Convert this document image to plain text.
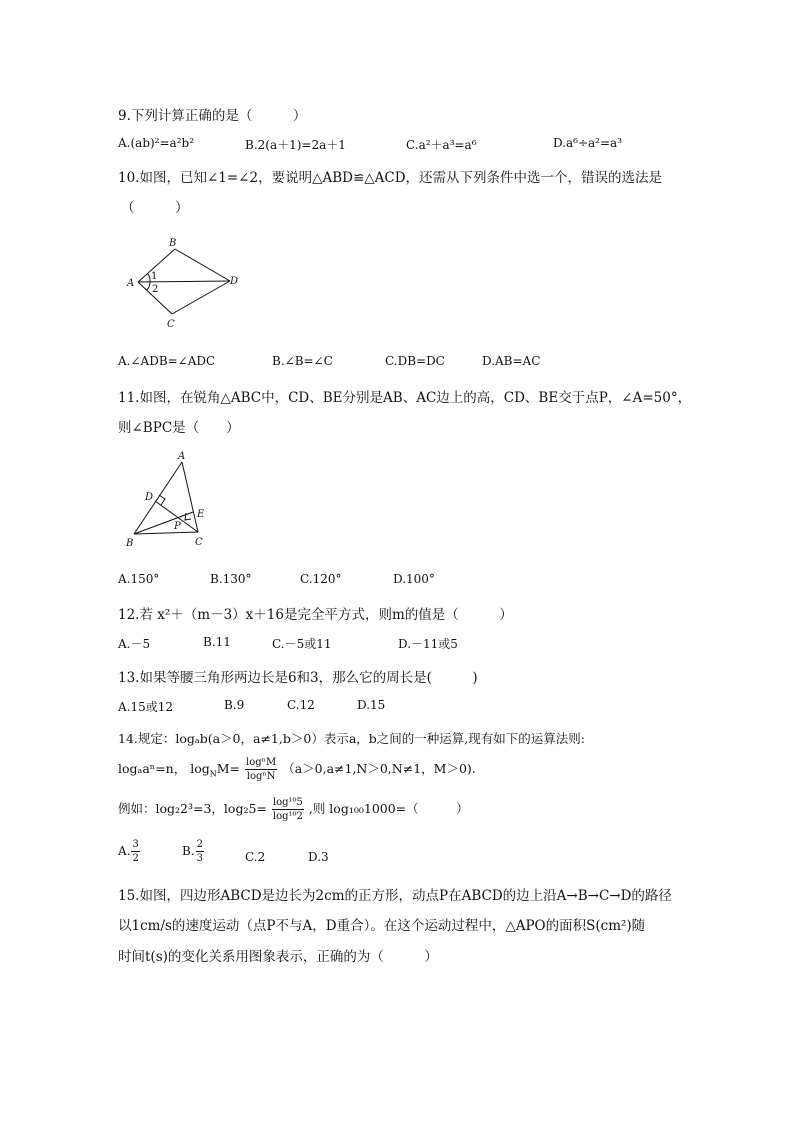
9.下列计算正确的是（　　　）
A.(ab)²=a²b²	B.2(a＋1)=2a＋1	C.a²＋a³=a⁶	D.a⁶÷a²=a³
10.如图，已知∠1=∠2，要说明△ABD≌△ACD，还需从下列条件中选一个，错误的选法是
（　　　）
A
B
C
D
1
2
A.∠ADB=∠ADC	B.∠B=∠C	C.DB=DC	D.AB=AC
11.如图，在锐角△ABC中，CD、BE分别是AB、AC边上的高，CD、BE交于点P，∠A=50°，
则∠BPC是（　　）
A
B	C
D
E
P
A.150°	B.130°	C.120°	D.100°
12.若 x²＋（m－3）x＋16是完全平方式，则m的值是（　　　）
A.－5	B.11	C.－5或11	D.－11或5
13.如果等腰三角形两边长是6和3，那么它的周长是(　　　)
A.15或12	B.9	C.12	D.15
14.规定：logₐb(a＞0，a≠1,b＞0）表示a，b之间的一种运算,现有如下的运算法则:
logₐaⁿ=n， $\log_NM= \frac{\text{logⁿM}}{\text{logⁿN}} (a>0,a\ne 1,N>0,N\ne 1$，M＞0).
例如：log₂2³=3，$\log_25= \frac{\text{log¹⁰5}}{\text{log¹⁰2}}$ ,则 log₁₀₀1000=（　　　）
A. $\frac{3}{2}$	B. $\frac{2}{3}$	C.2	D.3
15.如图，四边形ABCD是边长为2cm的正方形，动点P在ABCD的边上沿A→B→C→D的路径
以1cm/s的速度运动（点P不与A，D重合）。在这个运动过程中，△APO的面积S(cm²)随
时间t(s)的变化关系用图象表示，正确的为（　　　）
